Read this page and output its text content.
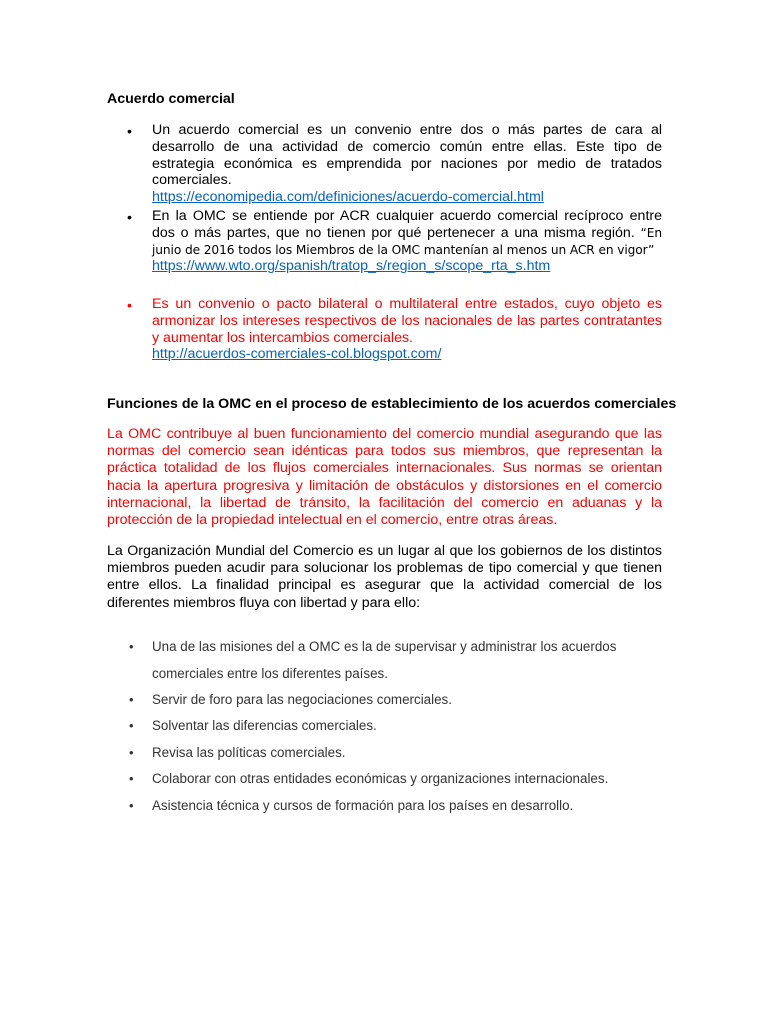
Acuerdo comercial
• Un acuerdo comercial es un convenio entre dos o más partes de cara al desarrollo de una actividad de comercio común entre ellas. Este tipo de estrategia económica es emprendida por naciones por medio de tratados comerciales.
https://economipedia.com/definiciones/acuerdo-comercial.html
• En la OMC se entiende por ACR cualquier acuerdo comercial recíproco entre dos o más partes, que no tienen por qué pertenecer a una misma región. “En junio de 2016 todos los Miembros de la OMC mantenían al menos un ACR en vigor”
https://www.wto.org/spanish/tratop_s/region_s/scope_rta_s.htm
• Es un convenio o pacto bilateral o multilateral entre estados, cuyo objeto es armonizar los intereses respectivos de los nacionales de las partes contratantes y aumentar los intercambios comerciales.
http://acuerdos-comerciales-col.blogspot.com/
Funciones de la OMC en el proceso de establecimiento de los acuerdos comerciales
La OMC contribuye al buen funcionamiento del comercio mundial asegurando que las normas del comercio sean idénticas para todos sus miembros, que representan la práctica totalidad de los flujos comerciales internacionales. Sus normas se orientan hacia la apertura progresiva y limitación de obstáculos y distorsiones en el comercio internacional, la libertad de tránsito, la facilitación del comercio en aduanas y la protección de la propiedad intelectual en el comercio, entre otras áreas.
La Organización Mundial del Comercio es un lugar al que los gobiernos de los distintos miembros pueden acudir para solucionar los problemas de tipo comercial y que tienen entre ellos. La finalidad principal es asegurar que la actividad comercial de los diferentes miembros fluya con libertad y para ello:
• Una de las misiones del a OMC es la de supervisar y administrar los acuerdos comerciales entre los diferentes países.
• Servir de foro para las negociaciones comerciales.
• Solventar las diferencias comerciales.
• Revisa las políticas comerciales.
• Colaborar con otras entidades económicas y organizaciones internacionales.
• Asistencia técnica y cursos de formación para los países en desarrollo.
